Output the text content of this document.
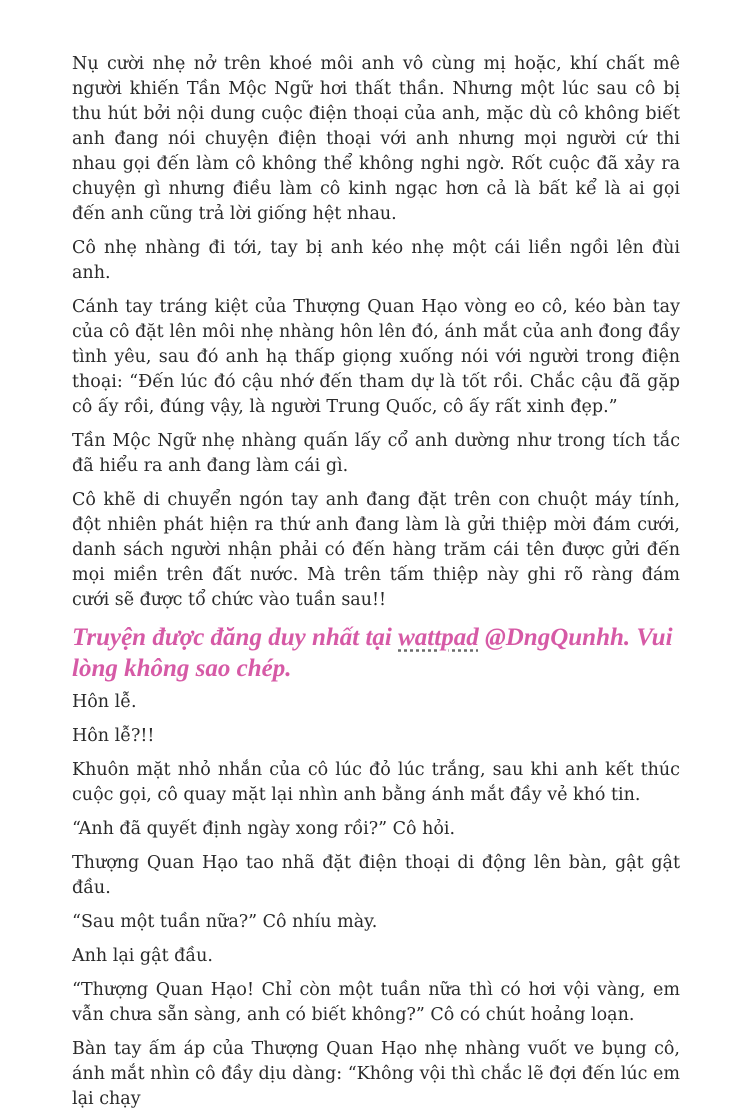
Nụ cười nhẹ nở trên khoé môi anh vô cùng mị hoặc, khí chất mê người khiến Tần Mộc Ngữ hơi thất thần. Nhưng một lúc sau cô bị thu hút bởi nội dung cuộc điện thoại của anh, mặc dù cô không biết anh đang nói chuyện điện thoại với anh nhưng mọi người cứ thi nhau gọi đến làm cô không thể không nghi ngờ. Rốt cuộc đã xảy ra chuyện gì nhưng điều làm cô kinh ngạc hơn cả là bất kể là ai gọi đến anh cũng trả lời giống hệt nhau.

Cô nhẹ nhàng đi tới, tay bị anh kéo nhẹ một cái liền ngồi lên đùi anh.

Cánh tay tráng kiệt của Thượng Quan Hạo vòng eo cô, kéo bàn tay của cô đặt lên môi nhẹ nhàng hôn lên đó, ánh mắt của anh đong đầy tình yêu, sau đó anh hạ thấp giọng xuống nói với người trong điện thoại: “Đến lúc đó cậu nhớ đến tham dự là tốt rồi. Chắc cậu đã gặp cô ấy rồi, đúng vậy, là người Trung Quốc, cô ấy rất xinh đẹp.”

Tần Mộc Ngữ nhẹ nhàng quấn lấy cổ anh dường như trong tích tắc đã hiểu ra anh đang làm cái gì.

Cô khẽ di chuyển ngón tay anh đang đặt trên con chuột máy tính, đột nhiên phát hiện ra thứ anh đang làm là gửi thiệp mời đám cưới, danh sách người nhận phải có đến hàng trăm cái tên được gửi đến mọi miền trên đất nước. Mà trên tấm thiệp này ghi rõ ràng đám cưới sẽ được tổ chức vào tuần sau!!

Truyện được đăng duy nhất tại wattpad @DngQunhh. Vui lòng không sao chép.

Hôn lễ.

Hôn lễ?!!

Khuôn mặt nhỏ nhắn của cô lúc đỏ lúc trắng, sau khi anh kết thúc cuộc gọi, cô quay mặt lại nhìn anh bằng ánh mắt đầy vẻ khó tin.

“Anh đã quyết định ngày xong rồi?” Cô hỏi.

Thượng Quan Hạo tao nhã đặt điện thoại di động lên bàn, gật gật đầu.

“Sau một tuần nữa?” Cô nhíu mày.

Anh lại gật đầu.

“Thượng Quan Hạo! Chỉ còn một tuần nữa thì có hơi vội vàng, em vẫn chưa sẵn sàng, anh có biết không?” Cô có chút hoảng loạn.

Bàn tay ấm áp của Thượng Quan Hạo nhẹ nhàng vuốt ve bụng cô, ánh mắt nhìn cô đầy dịu dàng: “Không vội thì chắc lẽ đợi đến lúc em lại chạy
